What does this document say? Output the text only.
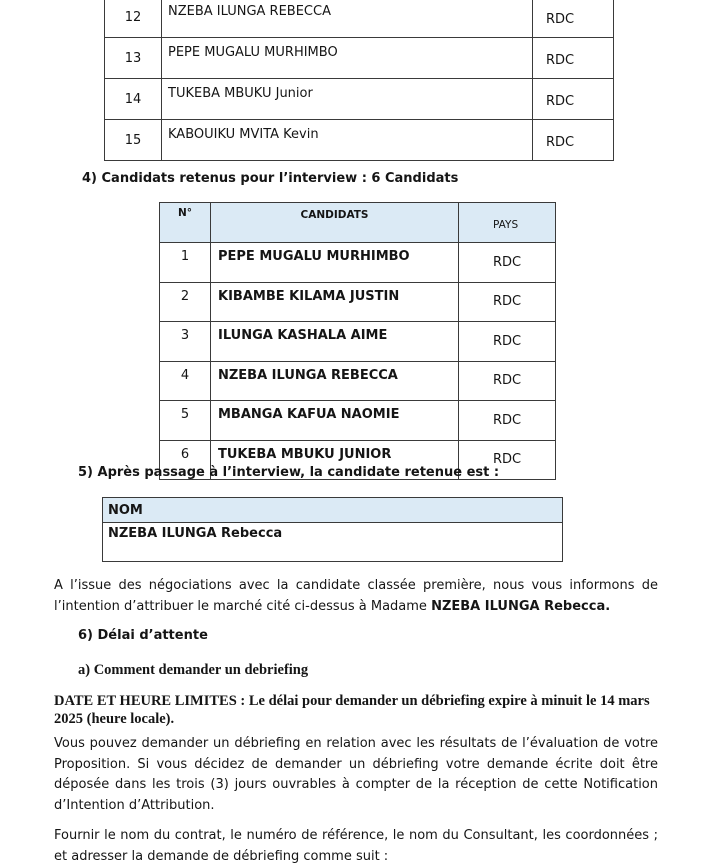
12	NZEBA ILUNGA REBECCA	RDC
13	PEPE MUGALU MURHIMBO	RDC
14	TUKEBA MBUKU Junior	RDC
15	KABOUIKU MVITA Kevin	RDC
4) Candidats retenus pour l’interview : 6 Candidats
N°	CANDIDATS	PAYS
1	PEPE MUGALU MURHIMBO	RDC
2	KIBAMBE KILAMA JUSTIN	RDC
3	ILUNGA KASHALA AIME	RDC
4	NZEBA ILUNGA REBECCA	RDC
5	MBANGA KAFUA NAOMIE	RDC
6	TUKEBA MBUKU JUNIOR	RDC
5) Après passage à l’interview, la candidate retenue est :
NOM
NZEBA ILUNGA Rebecca
A l’issue des négociations avec la candidate classée première, nous vous informons de l’intention d’attribuer le marché cité ci-dessus à Madame NZEBA ILUNGA Rebecca.
6) Délai d’attente
a) Comment demander un debriefing
DATE ET HEURE LIMITES : Le délai pour demander un débriefing expire à minuit le 14 mars 2025 (heure locale).
Vous pouvez demander un débriefing en relation avec les résultats de l’évaluation de votre Proposition. Si vous décidez de demander un débriefing votre demande écrite doit être déposée dans les trois (3) jours ouvrables à compter de la réception de cette Notification d’Intention d’Attribution.
Fournir le nom du contrat, le numéro de référence, le nom du Consultant, les coordonnées ; et adresser la demande de débriefing comme suit :
